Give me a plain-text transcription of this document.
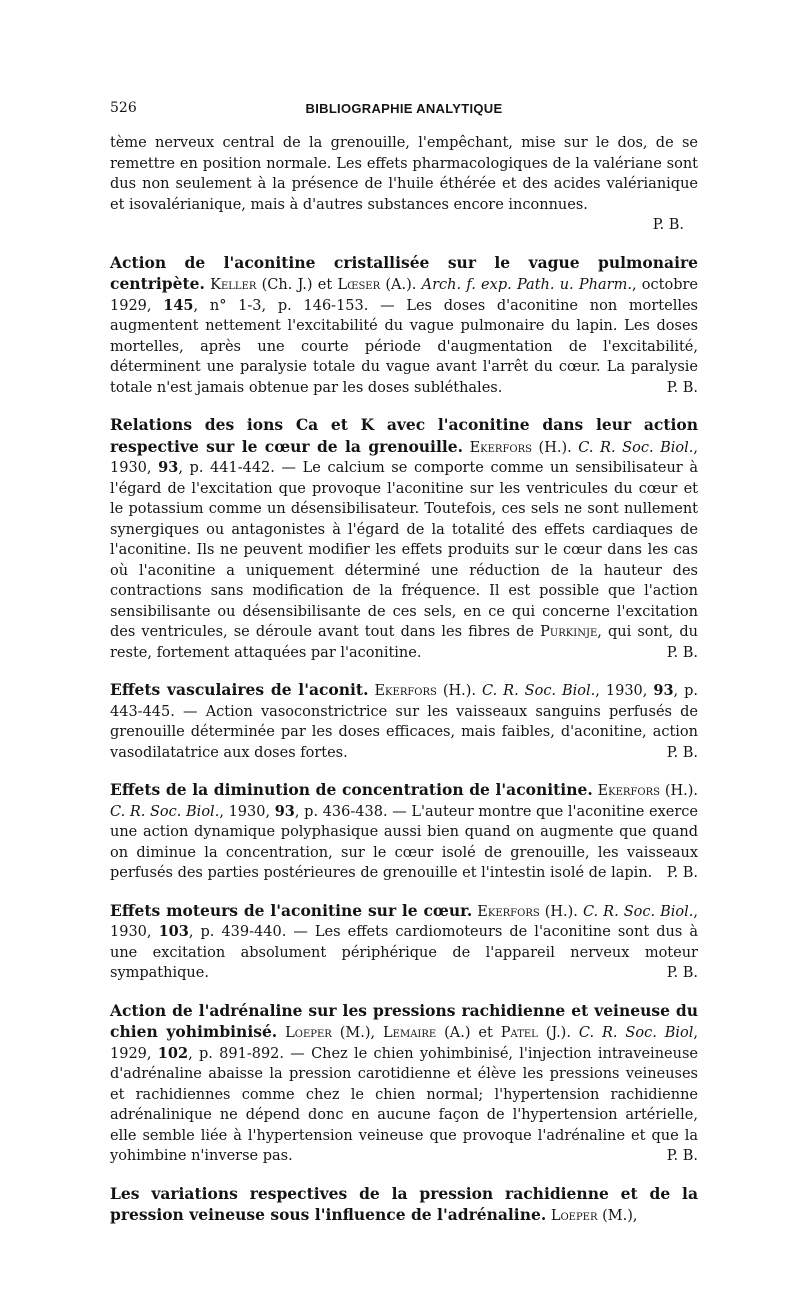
526	BIBLIOGRAPHIE ANALYTIQUE

tème nerveux central de la grenouille, l'empêchant, mise sur le dos, de se remettre en position normale. Les effets pharmacologiques de la valériane sont dus non seulement à la présence de l'huile éthérée et des acides valérianique et isovalérianique, mais à d'autres substances encore inconnues.

P. B.

Action de l'aconitine cristallisée sur le vague pulmonaire centripète. Keller (Ch. J.) et Lœser (A.). Arch. f. exp. Path. u. Pharm., octobre 1929, 145, n° 1-3, p. 146-153. — Les doses d'aconitine non mortelles augmentent nettement l'excitabilité du vague pulmonaire du lapin. Les doses mortelles, après une courte période d'augmentation de l'excitabilité, déterminent une paralysie totale du vague avant l'arrêt du cœur. La paralysie totale n'est jamais obtenue par les doses subléthales.	P. B.

Relations des ions Ca et K avec l'aconitine dans leur action respective sur le cœur de la grenouille. Ekerfors (H.). C. R. Soc. Biol., 1930, 93, p. 441-442. — Le calcium se comporte comme un sensibilisateur à l'égard de l'excitation que provoque l'aconitine sur les ventricules du cœur et le potassium comme un désensibilisateur. Toutefois, ces sels ne sont nullement synergiques ou antagonistes à l'égard de la totalité des effets cardiaques de l'aconitine. Ils ne peuvent modifier les effets produits sur le cœur dans les cas où l'aconitine a uniquement déterminé une réduction de la hauteur des contractions sans modification de la fréquence. Il est possible que l'action sensibilisante ou désensibilisante de ces sels, en ce qui concerne l'excitation des ventricules, se déroule avant tout dans les fibres de Purkinje, qui sont, du reste, fortement attaquées par l'aconitine.	P. B.

Effets vasculaires de l'aconit. Ekerfors (H.). C. R. Soc. Biol., 1930, 93, p. 443-445. — Action vasoconstrictrice sur les vaisseaux sanguins perfusés de grenouille déterminée par les doses efficaces, mais faibles, d'aconitine, action vasodilatatrice aux doses fortes.	P. B.

Effets de la diminution de concentration de l'aconitine. Ekerfors (H.). C. R. Soc. Biol., 1930, 93, p. 436-438. — L'auteur montre que l'aconitine exerce une action dynamique polyphasique aussi bien quand on augmente que quand on diminue la concentration, sur le cœur isolé de grenouille, les vaisseaux perfusés des parties postérieures de grenouille et l'intestin isolé de lapin. P. B.

Effets moteurs de l'aconitine sur le cœur. Ekerfors (H.). C. R. Soc. Biol., 1930, 103, p. 439-440. — Les effets cardiomoteurs de l'aconitine sont dus à une excitation absolument périphérique de l'appareil nerveux moteur sympathique.	P. B.

Action de l'adrénaline sur les pressions rachidienne et veineuse du chien yohimbinisé. Loeper (M.), Lemaire (A.) et Patel (J.). C. R. Soc. Biol, 1929, 102, p. 891-892. — Chez le chien yohimbinisé, l'injection intraveineuse d'adrénaline abaisse la pression carotidienne et élève les pressions veineuses et rachidiennes comme chez le chien normal; l'hypertension rachidienne adrénalinique ne dépend donc en aucune façon de l'hypertension artérielle, elle semble liée à l'hypertension veineuse que provoque l'adrénaline et que la yohimbine n'inverse pas.	P. B.

Les variations respectives de la pression rachidienne et de la pression veineuse sous l'influence de l'adrénaline. Loeper (M.),
